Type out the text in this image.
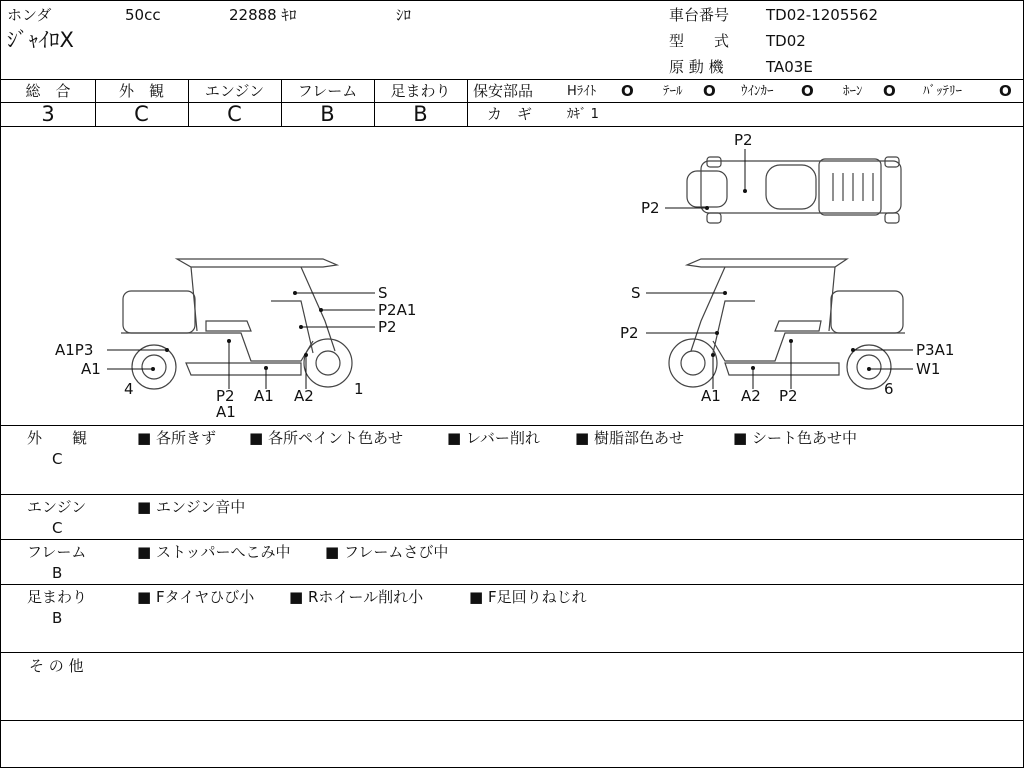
ホンダ	50cc	22888 ｷﾛ	ｼﾛ
ｼﾞｬｲﾛX
車台番号 TD02-1205562
型　　式 TD02
原 動 機	TA03E
総　合	外　観	エンジン	フレーム	足まわり
3	C	C	B	B
保安部品	Hﾗｲﾄ O ﾃｰﾙ O ｳｲﾝｶｰ O ﾎｰﾝ O ﾊﾞｯﾃﾘｰ O
カ　ギ	ｶｷﾞ 1
P2
P2
S
P2A1
P2
A1P3
A1
4	1
P2
A1
A1 A2
S
P2
P3A1
W1
6
A1 A2 P2
外　　観
C
■ 各所きず ■ 各所ペイント色あせ	■ レバー削れ ■ 樹脂部色あせ	■ シート色あせ中
エンジン
C
■ エンジン音中
フレーム
B
■ ストッパーへこみ中 ■ フレームさび中
足まわり
B
■ Fタイヤひび小 ■ Rホイール削れ小	■ F足回りねじれ
そ の 他
